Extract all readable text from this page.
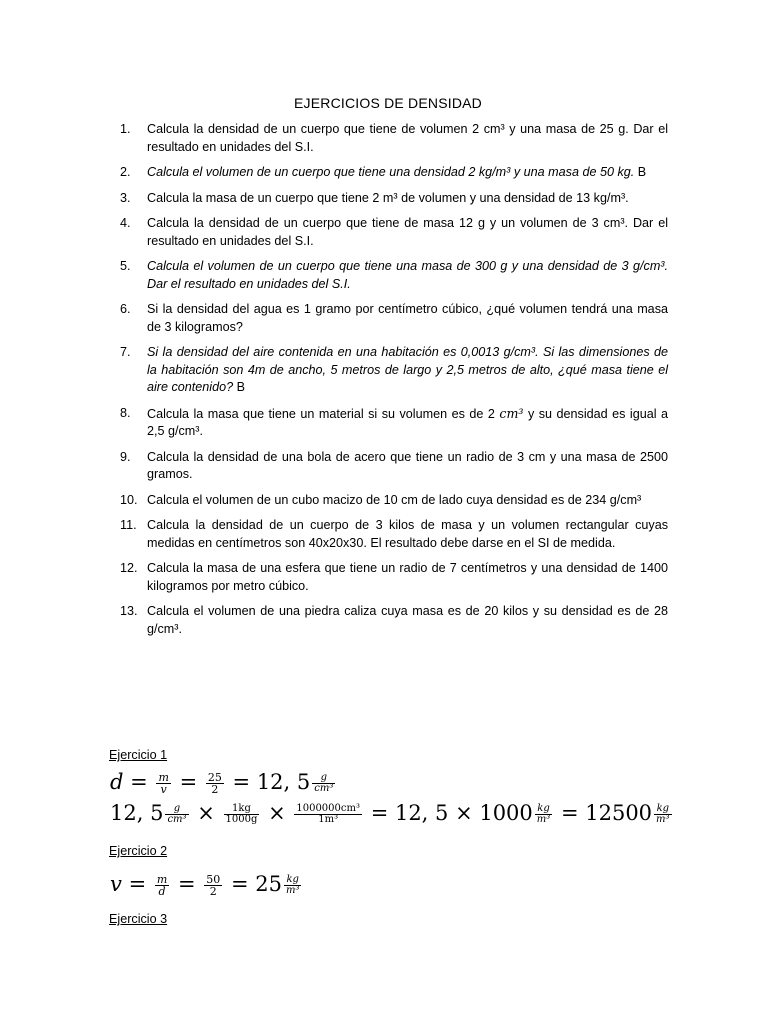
EJERCICIOS DE DENSIDAD
1. Calcula la densidad de un cuerpo que tiene de volumen 2 cm³ y una masa de 25 g. Dar el resultado en unidades del S.I.
2. Calcula el volumen de un cuerpo que tiene una densidad 2 kg/m³ y una masa de 50 kg. B
3. Calcula la masa de un cuerpo que tiene 2 m³ de volumen y una densidad de 13 kg/m³.
4. Calcula la densidad de un cuerpo que tiene de masa 12 g y un volumen de 3 cm³. Dar el resultado en unidades del S.I.
5. Calcula el volumen de un cuerpo que tiene una masa de 300 g y una densidad de 3 g/cm³. Dar el resultado en unidades del S.I.
6. Si la densidad del agua es 1 gramo por centímetro cúbico, ¿qué volumen tendrá una masa de 3 kilogramos?
7. Si la densidad del aire contenida en una habitación es 0,0013 g/cm³. Si las dimensiones de la habitación son 4m de ancho, 5 metros de largo y 2,5 metros de alto, ¿qué masa tiene el aire contenido? B
8. Calcula la masa que tiene un material si su volumen es de 2 cm³ y su densidad es igual a 2,5 g/cm³.
9. Calcula la densidad de una bola de acero que tiene un radio de 3 cm y una masa de 2500 gramos.
10. Calcula el volumen de un cubo macizo de 10 cm de lado cuya densidad es de 234 g/cm³
11. Calcula la densidad de un cuerpo de 3 kilos de masa y un volumen rectangular cuyas medidas en centímetros son 40x20x30. El resultado debe darse en el SI de medida.
12. Calcula la masa de una esfera que tiene un radio de 7 centímetros y una densidad de 1400 kilogramos por metro cúbico.
13. Calcula el volumen de una piedra caliza cuya masa es de 20 kilos y su densidad es de 28 g/cm³.
Ejercicio 1
$d = \frac{m}{v} = \frac{25}{2} = 12$, $5 \frac{g}{\text{cm³}}$
12, $5 \frac{g}{\text{cm³}} \times \frac{1kg}{1000g} \times \frac{\text{1000000cm³}}{\text{1m³}} = 12$, $5 \times 1000 \frac{kg}{\text{m³}} = 12500 \frac{kg}{\text{m³}}$
Ejercicio 2
$v = \frac{m}{d} = \frac{50}{2} = 25 \frac{kg}{\text{m³}}$
Ejercicio 3
